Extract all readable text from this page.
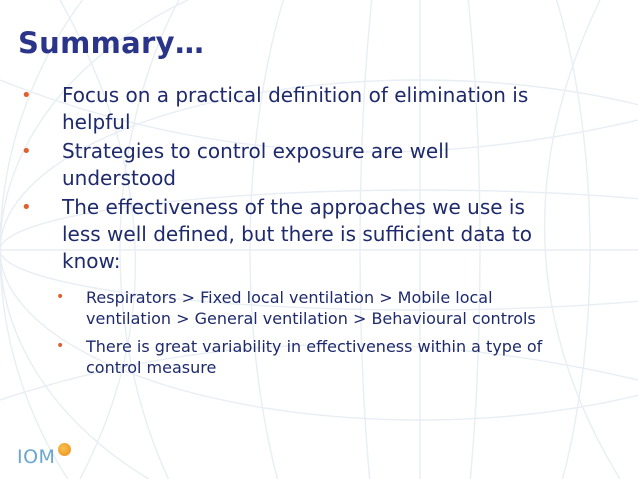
Summary…
• Focus on a practical definition of elimination is helpful
• Strategies to control exposure are well understood
• The effectiveness of the approaches we use is less well defined, but there is sufficient data to know:
• Respirators > Fixed local ventilation > Mobile local ventilation > General ventilation > Behavioural controls
• There is great variability in effectiveness within a type of control measure
IOM
